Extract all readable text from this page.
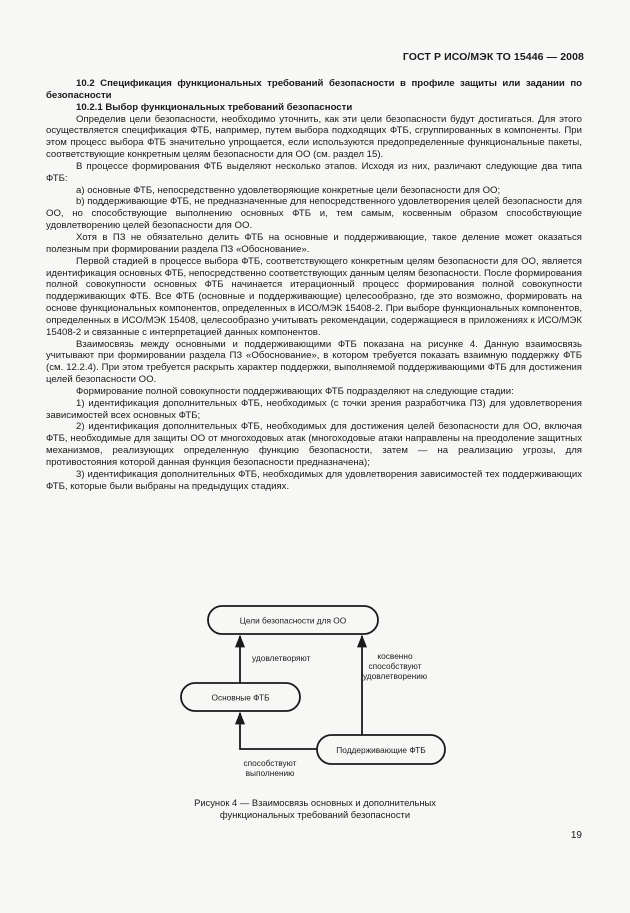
ГОСТ Р ИСО/МЭК ТО 15446 — 2008

10.2 Спецификация функциональных требований безопасности в профиле защиты или задании по безопасности

10.2.1 Выбор функциональных требований безопасности

Определив цели безопасности, необходимо уточнить, как эти цели безопасности будут достигаться. Для этого осуществляется спецификация ФТБ, например, путем выбора подходящих ФТБ, сгруппированных в компоненты. При этом процесс выбора ФТБ значительно упрощается, если используются предопределенные функциональные пакеты, соответствующие конкретным целям безопасности для ОО (см. раздел 15).

В процессе формирования ФТБ выделяют несколько этапов. Исходя из них, различают следующие два типа ФТБ:

а) основные ФТБ, непосредственно удовлетворяющие конкретные цели безопасности для ОО;

b) поддерживающие ФТБ, не предназначенные для непосредственного удовлетворения целей безопасности для ОО, но способствующие выполнению основных ФТБ и, тем самым, косвенным образом способствующие удовлетворению целей безопасности для ОО.

Хотя в ПЗ не обязательно делить ФТБ на основные и поддерживающие, такое деление может оказаться полезным при формировании раздела ПЗ «Обоснование».

Первой стадией в процессе выбора ФТБ, соответствующего конкретным целям безопасности для ОО, является идентификация основных ФТБ, непосредственно соответствующих данным целям безопасности. После формирования полной совокупности основных ФТБ начинается итерационный процесс формирования полной совокупности поддерживающих ФТБ. Все ФТБ (основные и поддерживающие) целесообразно, где это возможно, формировать на основе функциональных компонентов, определенных в ИСО/МЭК 15408-2. При выборе функциональных компонентов, определенных в ИСО/МЭК 15408, целесообразно учитывать рекомендации, содержащиеся в приложениях к ИСО/МЭК 15408-2 и связанные с интерпретацией данных компонентов.

Взаимосвязь между основными и поддерживающими ФТБ показана на рисунке 4. Данную взаимосвязь учитывают при формировании раздела ПЗ «Обоснование», в котором требуется показать взаимную поддержку ФТБ (см. 12.2.4). При этом требуется раскрыть характер поддержки, выполняемой поддерживающими ФТБ для достижения целей безопасности ОО.

Формирование полной совокупности поддерживающих ФТБ подразделяют на следующие стадии:

1) идентификация дополнительных ФТБ, необходимых (с точки зрения разработчика ПЗ) для удовлетворения зависимостей всех основных ФТБ;

2) идентификация дополнительных ФТБ, необходимых для достижения целей безопасности для ОО, включая ФТБ, необходимые для защиты ОО от многоходовых атак (многоходовые атаки направлены на преодоление защитных механизмов, реализующих определенную функцию безопасности, затем — на реализацию угрозы, для противостояния которой данная функция безопасности предназначена);

3) идентификация дополнительных ФТБ, необходимых для удовлетворения зависимостей тех поддерживающих ФТБ, которые были выбраны на предыдущих стадиях.

Цели безопасности для ОО
Основные ФТБ
Поддерживающие ФТБ
удовлетворяют	косвенно
способствуют
удовлетворению
способствуют
выполнению
Рисунок 4 — Взаимосвязь основных и дополнительных
функциональных требований безопасности
19
